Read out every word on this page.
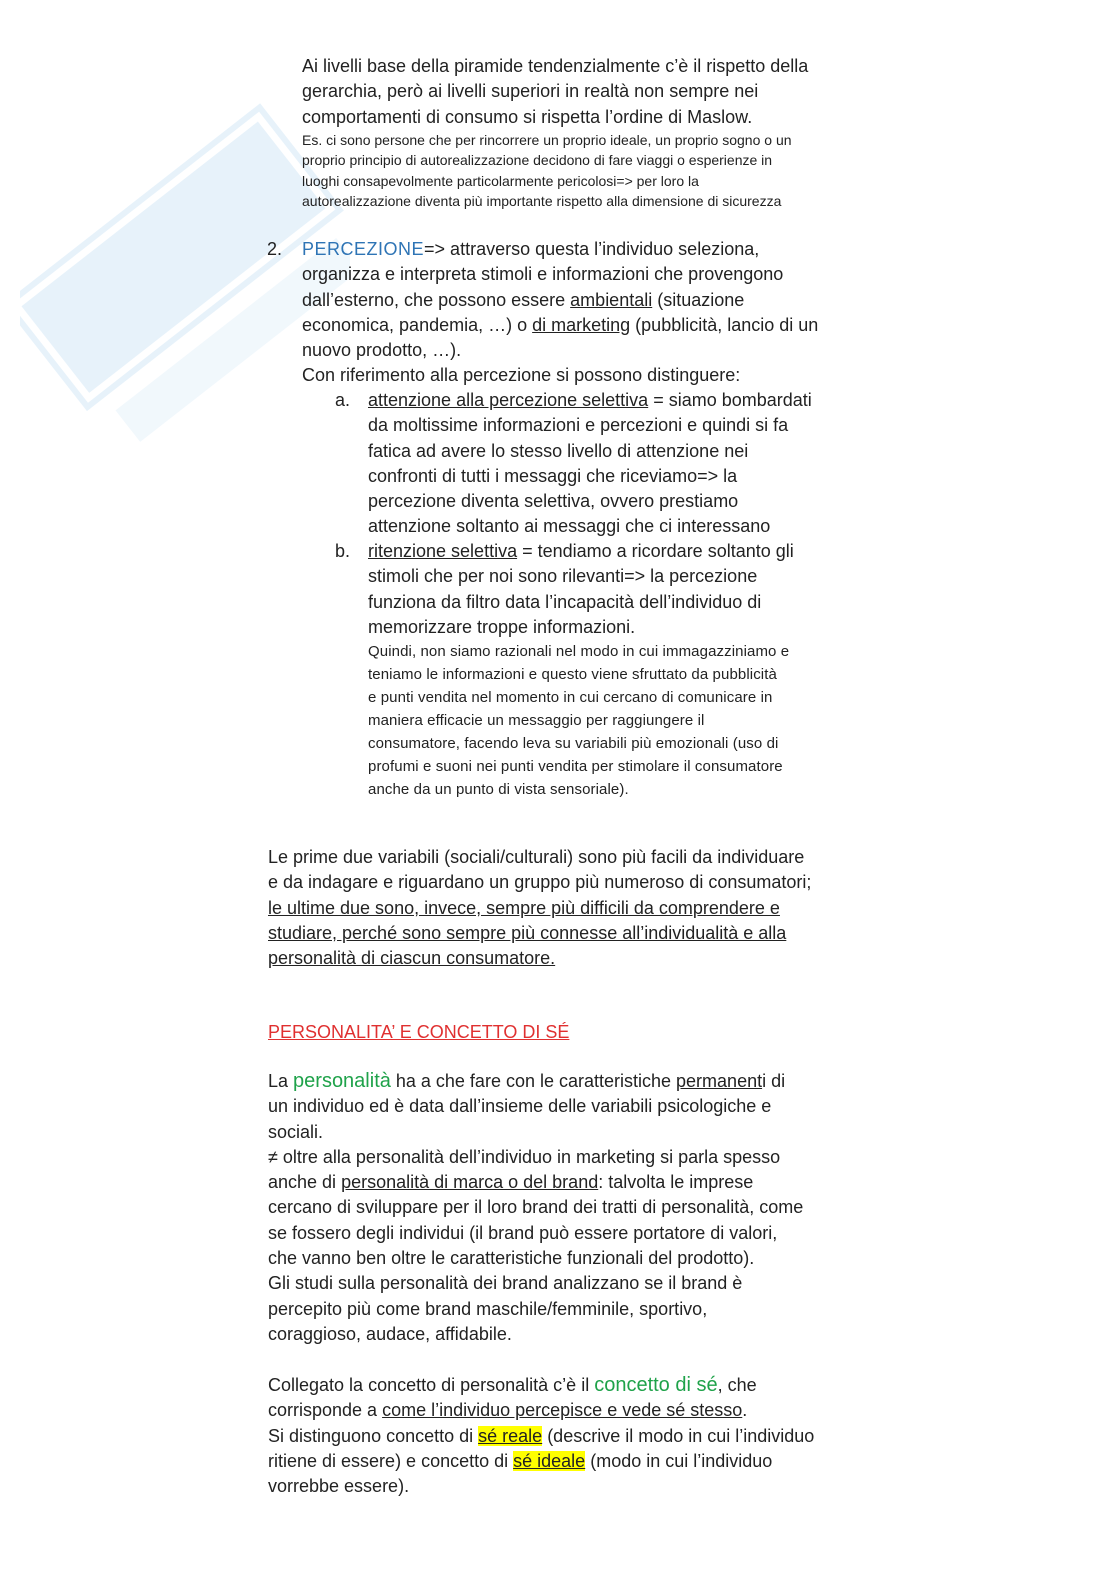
Ai livelli base della piramide tendenzialmente c’è il rispetto della

gerarchia, però ai livelli superiori in realtà non sempre nei

comportamenti di consumo si rispetta l’ordine di Maslow.

Es. ci sono persone che per rincorrere un proprio ideale, un proprio sogno o un

proprio principio di autorealizzazione decidono di fare viaggi o esperienze in

luoghi consapevolmente particolarmente pericolosi=> per loro la

autorealizzazione diventa più importante rispetto alla dimensione di sicurezza

2. PERCEZIONE=> attraverso questa l’individuo seleziona,

organizza e interpreta stimoli e informazioni che provengono

dall’esterno, che possono essere ambientali (situazione

economica, pandemia, …) o di marketing (pubblicità, lancio di un

nuovo prodotto, …).

Con riferimento alla percezione si possono distinguere:

a. attenzione alla percezione selettiva = siamo bombardati

da moltissime informazioni e percezioni e quindi si fa

fatica ad avere lo stesso livello di attenzione nei

confronti di tutti i messaggi che riceviamo=> la

percezione diventa selettiva, ovvero prestiamo

attenzione soltanto ai messaggi che ci interessano

b. ritenzione selettiva = tendiamo a ricordare soltanto gli

stimoli che per noi sono rilevanti=> la percezione

funziona da filtro data l’incapacità dell’individuo di

memorizzare troppe informazioni.

Quindi, non siamo razionali nel modo in cui immagazziniamo e

teniamo le informazioni e questo viene sfruttato da pubblicità

e punti vendita nel momento in cui cercano di comunicare in

maniera efficacie un messaggio per raggiungere il

consumatore, facendo leva su variabili più emozionali (uso di

profumi e suoni nei punti vendita per stimolare il consumatore

anche da un punto di vista sensoriale).

Le prime due variabili (sociali/culturali) sono più facili da individuare

e da indagare e riguardano un gruppo più numeroso di consumatori;

le ultime due sono, invece, sempre più difficili da comprendere e

studiare, perché sono sempre più connesse all’individualità e alla

personalità di ciascun consumatore.

PERSONALITA’ E CONCETTO DI SÉ

La personalità ha a che fare con le caratteristiche permanenti di

un individuo ed è data dall’insieme delle variabili psicologiche e

sociali.

≠ oltre alla personalità dell’individuo in marketing si parla spesso

anche di personalità di marca o del brand: talvolta le imprese

cercano di sviluppare per il loro brand dei tratti di personalità, come

se fossero degli individui (il brand può essere portatore di valori,

che vanno ben oltre le caratteristiche funzionali del prodotto).

Gli studi sulla personalità dei brand analizzano se il brand è

percepito più come brand maschile/femminile, sportivo,

coraggioso, audace, affidabile.

Collegato la concetto di personalità c’è il concetto di sé, che

corrisponde a come l’individuo percepisce e vede sé stesso.

Si distinguono concetto di sé reale (descrive il modo in cui l’individuo

ritiene di essere) e concetto di sé ideale (modo in cui l’individuo

vorrebbe essere).
